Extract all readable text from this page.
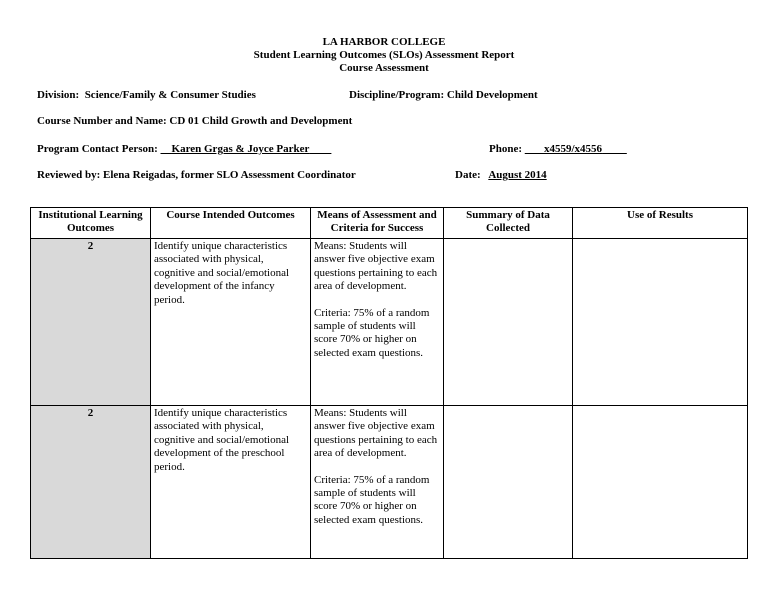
LA HARBOR COLLEGE
Student Learning Outcomes (SLOs) Assessment Report
Course Assessment
Division: Science/Family & Consumer Studies	Discipline/Program: Child Development
Course Number and Name: CD 01 Child Growth and Development
Program Contact Person: Karen Grgas & Joyce Parker	Phone: x4559/x4556
Reviewed by: Elena Reigadas, former SLO Assessment Coordinator	Date: August 2014
Institutional Learning Outcomes	Course Intended Outcomes	Means of Assessment and Criteria for Success	Summary of Data Collected	Use of Results
2	Identify unique characteristics associated with physical, cognitive and social/emotional development of the infancy period.	Means: Students will answer five objective exam questions pertaining to each area of development.
Criteria: 75% of a random sample of students will score 70% or higher on selected exam questions.		
2	Identify unique characteristics associated with physical, cognitive and social/emotional development of the preschool period.	Means: Students will answer five objective exam questions pertaining to each area of development.
Criteria: 75% of a random sample of students will score 70% or higher on selected exam questions.		
